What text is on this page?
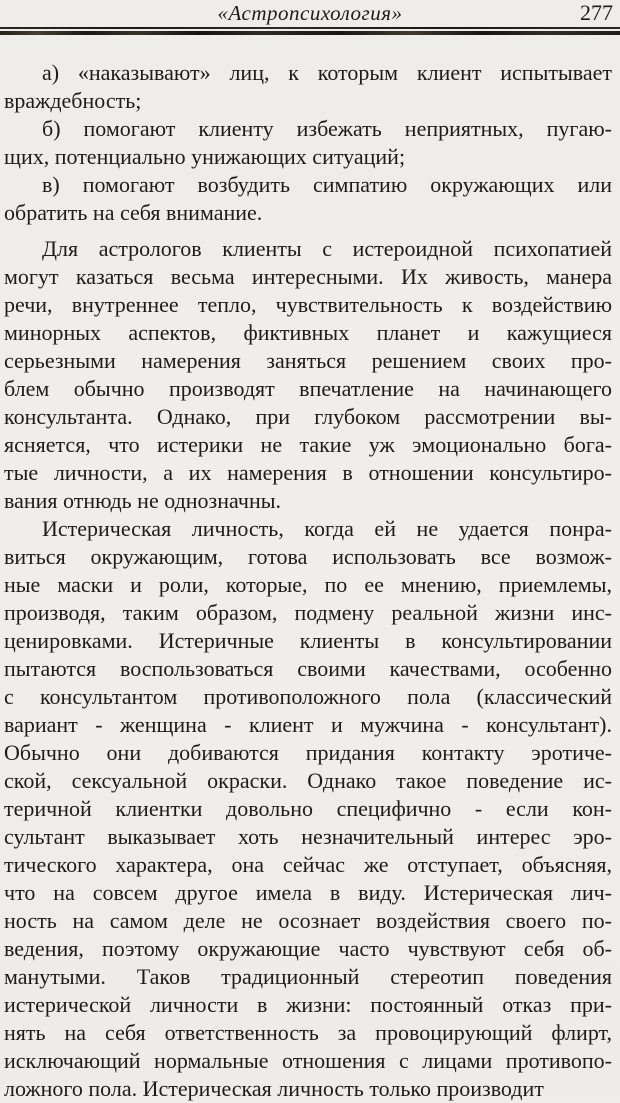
«Астропсихология»	277
а) «наказывают» лиц, к которым клиент испытывает
враждебность;
б) помогают клиенту избежать неприятных, пугаю-
щих, потенциально унижающих ситуаций;
в) помогают возбудить симпатию окружающих или
обратить на себя внимание.
Для астрологов клиенты с истероидной психопатией
могут казаться весьма интересными. Их живость, манера
речи, внутреннее тепло, чувствительность к воздействию
минорных аспектов, фиктивных планет и кажущиеся
серьезными намерения заняться решением своих про-
блем обычно производят впечатление на начинающего
консультанта. Однако, при глубоком рассмотрении вы-
ясняется, что истерики не такие уж эмоционально бога-
тые личности, а их намерения в отношении консультиро-
вания отнюдь не однозначны.
Истерическая личность, когда ей не удается понра-
виться окружающим, готова использовать все возмож-
ные маски и роли, которые, по ее мнению, приемлемы,
производя, таким образом, подмену реальной жизни инс-
ценировками. Истеричные клиенты в консультировании
пытаются воспользоваться своими качествами, особенно
с консультантом противоположного пола (классический
вариант - женщина - клиент и мужчина - консультант).
Обычно они добиваются придания контакту эротиче-
ской, сексуальной окраски. Однако такое поведение ис-
теричной клиентки довольно специфично - если кон-
сультант выказывает хоть незначительный интерес эро-
тического характера, она сейчас же отступает, объясняя,
что на совсем другое имела в виду. Истерическая лич-
ность на самом деле не осознает воздействия своего по-
ведения, поэтому окружающие часто чувствуют себя об-
манутыми. Таков традиционный стереотип поведения
истерической личности в жизни: постоянный отказ при-
нять на себя ответственность за провоцирующий флирт,
исключающий нормальные отношения с лицами противопо-
ложного пола. Истерическая личность только производит
